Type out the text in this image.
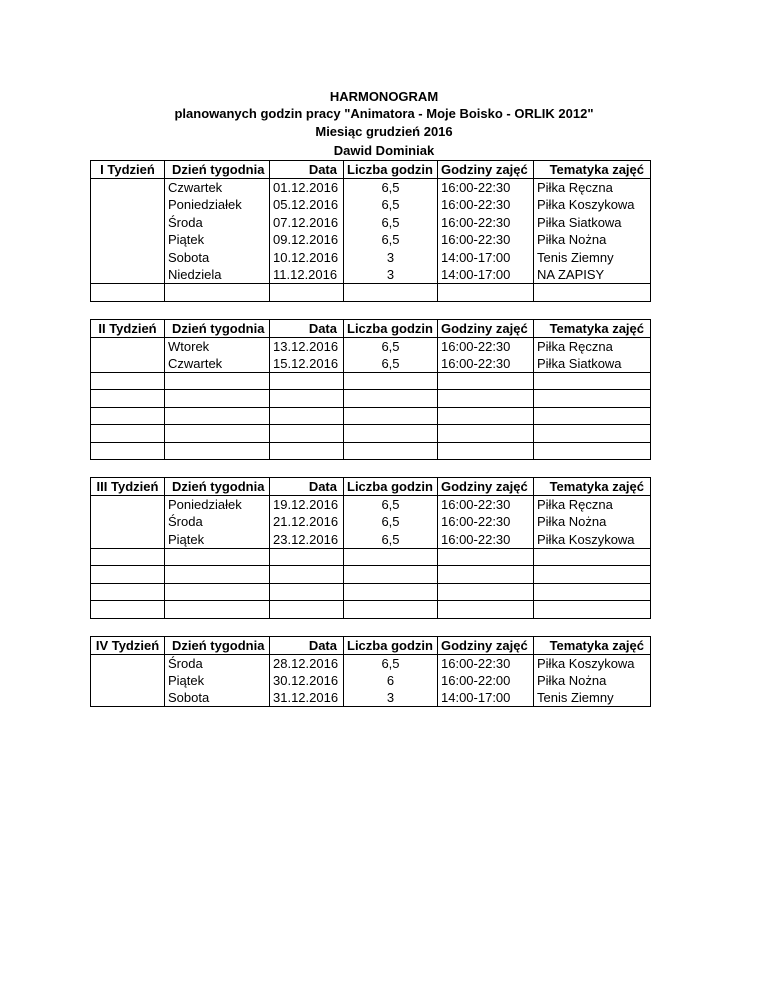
HARMONOGRAM
planowanych godzin pracy "Animatora - Moje Boisko - ORLIK 2012"
Miesiąc grudzień 2016
Dawid Dominiak
I Tydzień	Dzień tygodnia	Data	Liczba godzin	Godziny zajęć	Tematyka zajęć
	Czwartek	01.12.2016	6,5	16:00-22:30	Piłka Ręczna
	Poniedziałek	05.12.2016	6,5	16:00-22:30	Piłka Koszykowa
	Środa	07.12.2016	6,5	16:00-22:30	Piłka Siatkowa
	Piątek	09.12.2016	6,5	16:00-22:30	Piłka Nożna
	Sobota	10.12.2016	3	14:00-17:00	Tenis Ziemny
	Niedziela	11.12.2016	3	14:00-17:00	NA ZAPISY

II Tydzień	Dzień tygodnia	Data	Liczba godzin	Godziny zajęć	Tematyka zajęć
	Wtorek	13.12.2016	6,5	16:00-22:30	Piłka Ręczna
	Czwartek	15.12.2016	6,5	16:00-22:30	Piłka Siatkowa

III Tydzień	Dzień tygodnia	Data	Liczba godzin	Godziny zajęć	Tematyka zajęć
	Poniedziałek	19.12.2016	6,5	16:00-22:30	Piłka Ręczna
	Środa	21.12.2016	6,5	16:00-22:30	Piłka Nożna
	Piątek	23.12.2016	6,5	16:00-22:30	Piłka Koszykowa

IV Tydzień	Dzień tygodnia	Data	Liczba godzin	Godziny zajęć	Tematyka zajęć
	Środa	28.12.2016	6,5	16:00-22:30	Piłka Koszykowa
	Piątek	30.12.2016	6	16:00-22:00	Piłka Nożna
	Sobota	31.12.2016	3	14:00-17:00	Tenis Ziemny
